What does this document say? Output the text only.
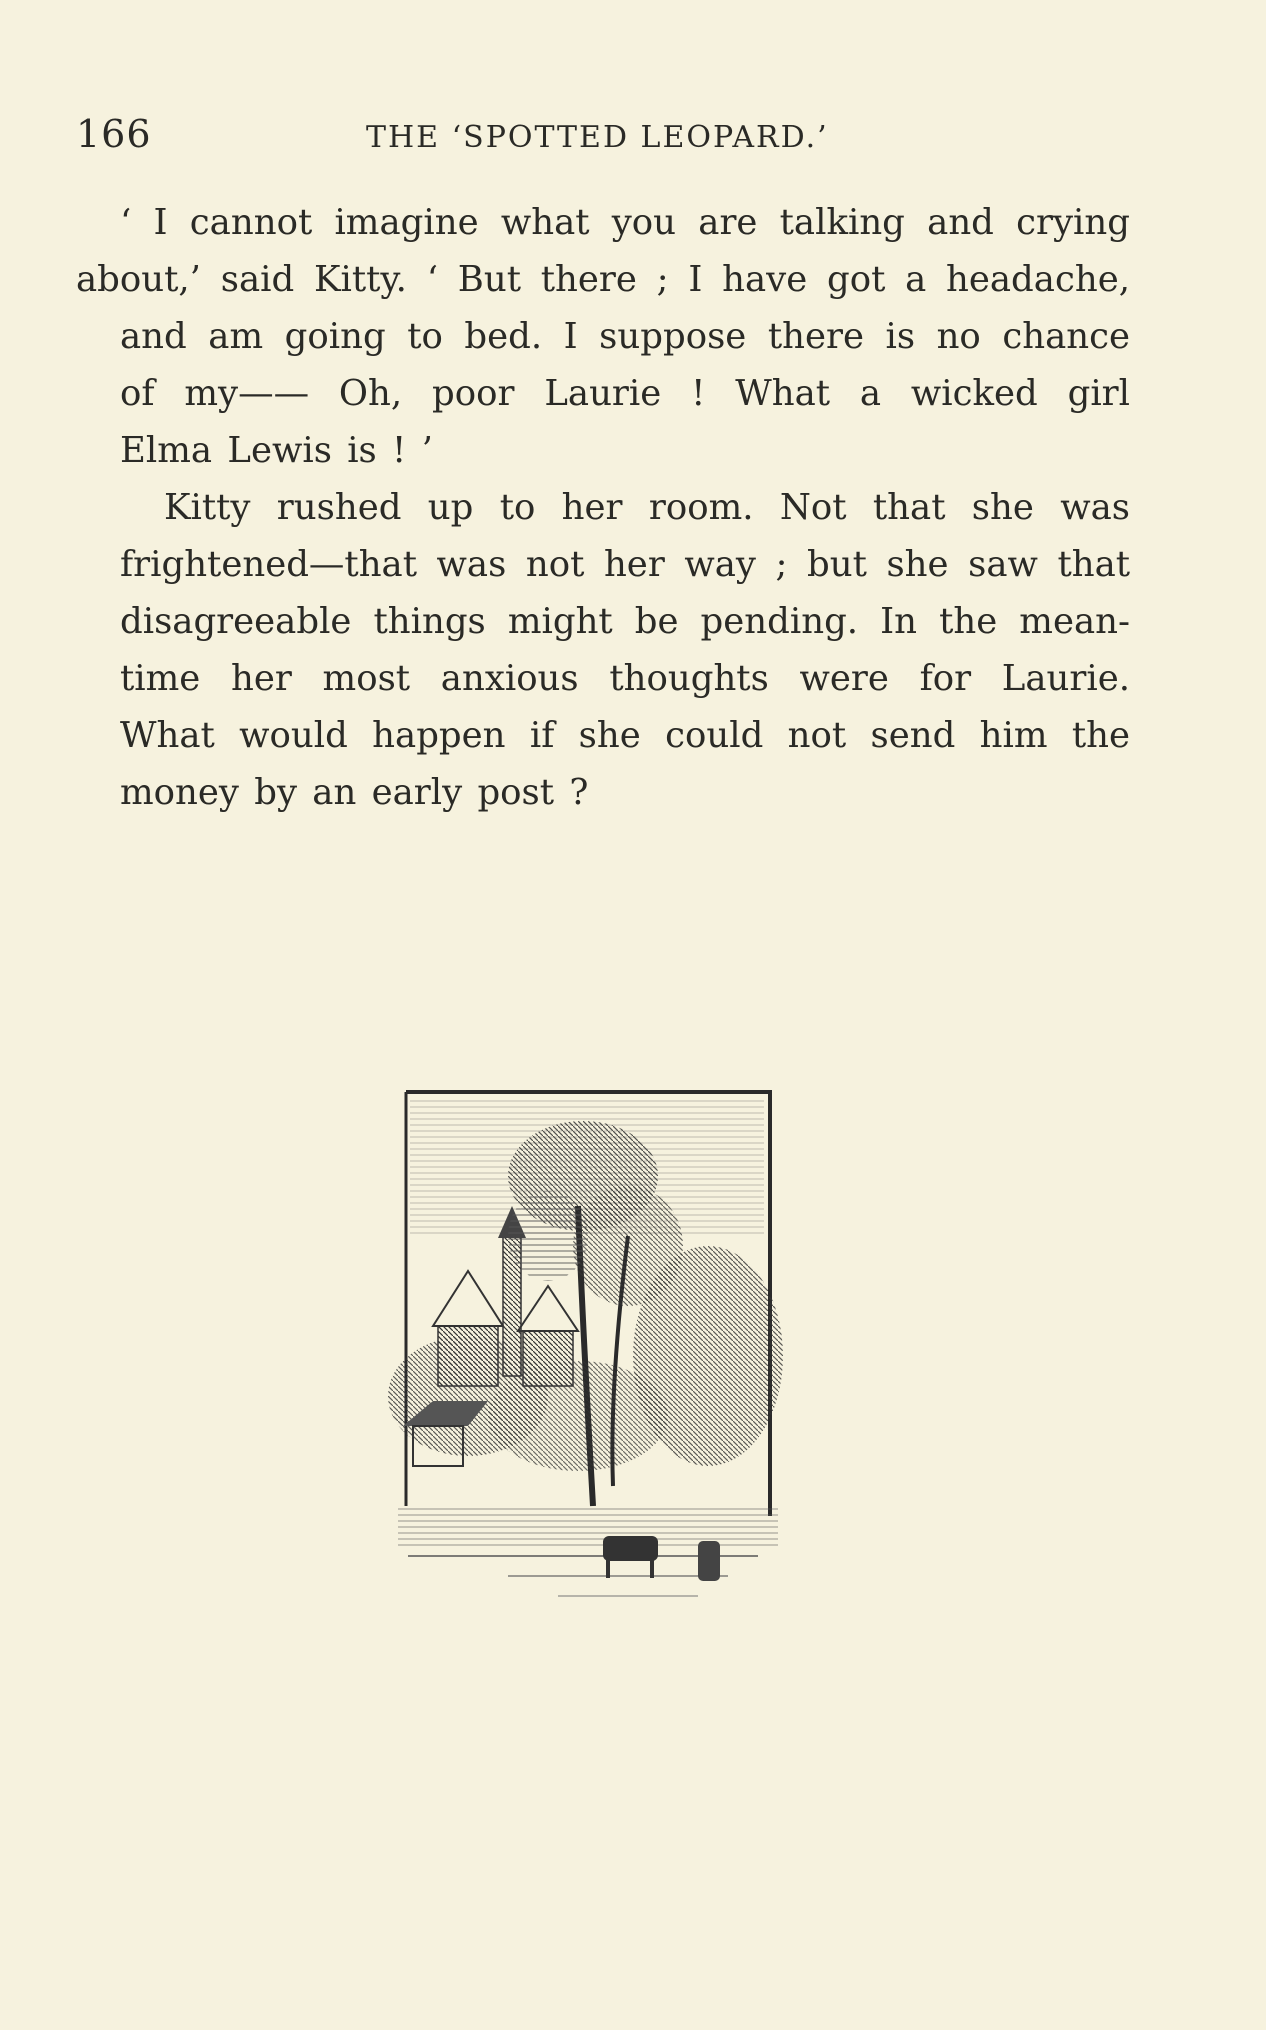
166	THE ‘SPOTTED LEOPARD.’

‘ I cannot imagine what you are talking and crying
about,’ said Kitty. ‘ But there ; I have got a headache,
and am going to bed. I suppose there is no chance
of my—— Oh, poor Laurie ! What a wicked girl
Elma Lewis is ! ’

Kitty rushed up to her room. Not that she was
frightened—that was not her way ; but she saw that
disagreeable things might be pending. In the mean-
time her most anxious thoughts were for Laurie.
What would happen if she could not send him the
money by an early post ?
